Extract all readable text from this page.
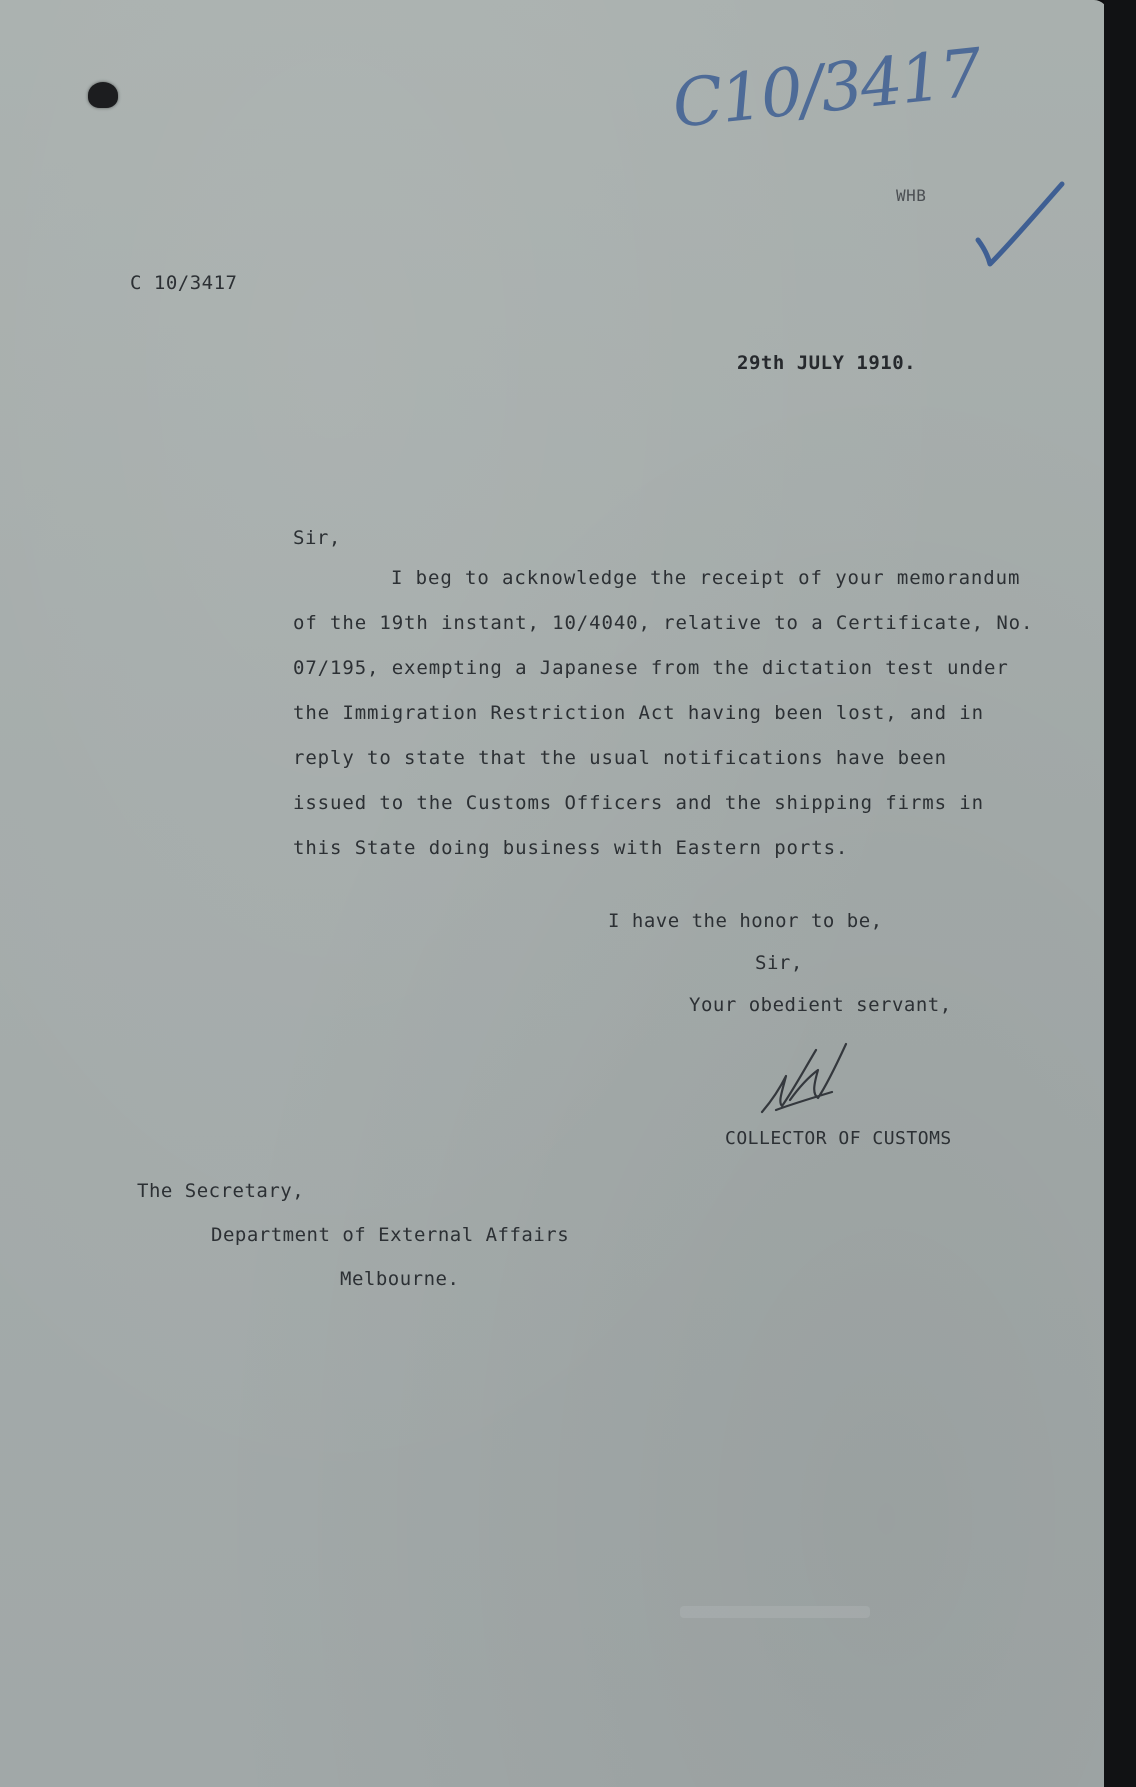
C10/3417
WHB
C 10/3417
29th JULY 1910.
Sir,
I beg to acknowledge the receipt of your memorandum
of the 19th instant, 10/4040, relative to a Certificate, No.
07/195, exempting a Japanese from the dictation test under
the Immigration Restriction Act having been lost, and in
reply to state that the usual notifications have been
issued to the Customs Officers and the shipping firms in
this State doing business with Eastern ports.
I have the honor to be,
Sir,
Your obedient servant,
COLLECTOR OF CUSTOMS
The Secretary,
Department of External Affairs
Melbourne.
